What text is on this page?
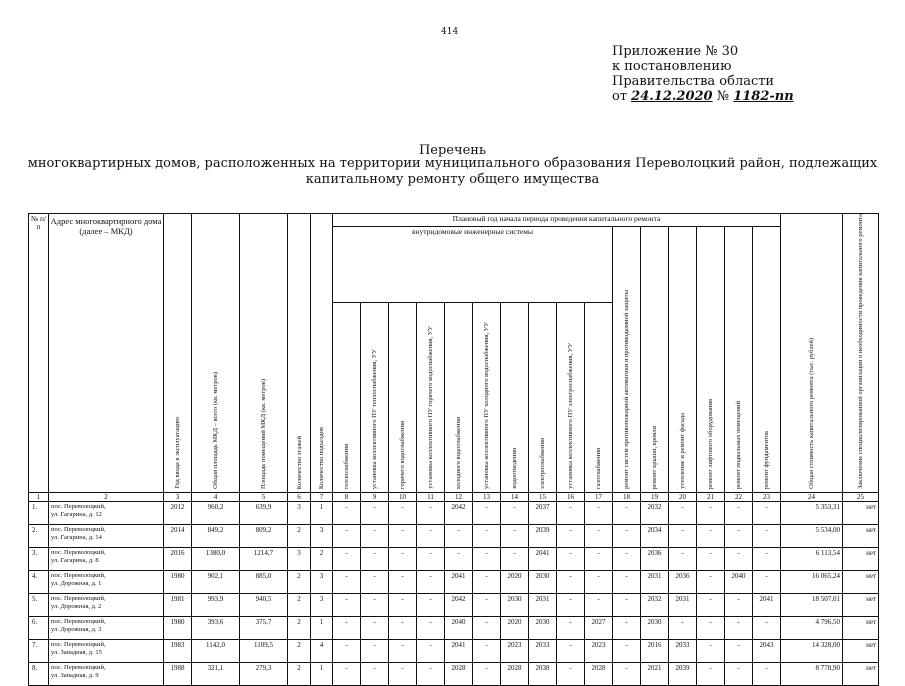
414
Приложение № 30
к постановлению
Правительства области
от 24.12.2020 № 1182-пп
Перечень
многоквартирных домов, расположенных на территории муниципального образования Переволоцкий район, подлежащих
капитальному ремонту общего имущества
№ п/п	Адрес многоквартирного дома (далее – МКД)	Год ввода в эксплуатацию	Общая площадь МКД – всего (кв. метров)	Площадь помещений МКД (кв. метров)	Количество этажей	Количество подъездов	Плановый год начала периода проведения капитального ремонта																Общая стоимость капитального ремонта (тыс. рублей)	Заключение специализированной организации о необходимости проведения капитального ремонта

							внутридомовые инженерные системы										ремонт систем противопожарной автоматики и противодымной защиты	ремонт крыши, кровли	утепление и ремонт фасада	ремонт лифтового оборудования	ремонт подвальных помещений	ремонт фундаментов		

							теплоснабжения	установка коллективного ПУ теплоснабжения, УУ	горячего водоснабжения	установка коллективного ПУ горячего водоснабжения, УУ	холодного водоснабжения	установка коллективного ПУ холодного водоснабжения, УУ	водоотведения	электроснабжения	установка коллективного ПУ электроснабжения, УУ	газоснабжения								

1	2	3	4	5	6	7	8	9	10	11	12	13	14	15	16	17	18	19	20	21	22	23	24	25
1.	пос. Переволоцкий,
ул. Гагарина, д. 12	2012	960,2	639,9	3	1	-	-	-	-	2042	-	-	2037	-	-	-	2032	-	-	-	-	5 353,31	нет
2.	пос. Переволоцкий,
ул. Гагарина, д. 14	2014	849,2	809,2	2	3	-	-	-	-	-	-	-	2039	-	-	-	2034	-	-	-	-	5 534,00	нет
3.	пос. Переволоцкий,
ул. Гагарина, д. 8	2016	1380,0	1214,7	3	2	-	-	-	-	-	-	-	2041	-	-	-	2036	-	-	-	-	6 113,54	нет
4.	пос. Переволоцкий,
ул. Дорожная, д. 1	1980	902,1	885,0	2	3	-	-	-	-	2041	-	2020	2030	-	-	-	2031	2036	-	2040	-	16 065,24	нет
5.	пос. Переволоцкий,
ул. Дорожная, д. 2	1981	993,9	940,5	2	3	-	-	-	-	2042	-	2030	2031	-	-	-	2032	2031	-	-	2041	18 507,01	нет
6.	пос. Переволоцкий,
ул. Дорожная, д. 3	1980	393,6	375,7	2	1	-	-	-	-	2040	-	2020	2030	-	2027	-	2030	-	-	-	-	4 796,50	нет
7.	пос. Переволоцкий,
ул. Западная, д. 15	1983	1142,0	1109,5	2	4	-	-	-	-	2041	-	2023	2033	-	2023	-	2016	2033	-	-	2043	14 328,00	нет
8.	пос. Переволоцкий,
ул. Западная, д. 9	1988	321,1	279,3	2	1	-	-	-	-	2028	-	2028	2038	-	2028	-	2021	2039	-	-	-	8 778,90	нет
